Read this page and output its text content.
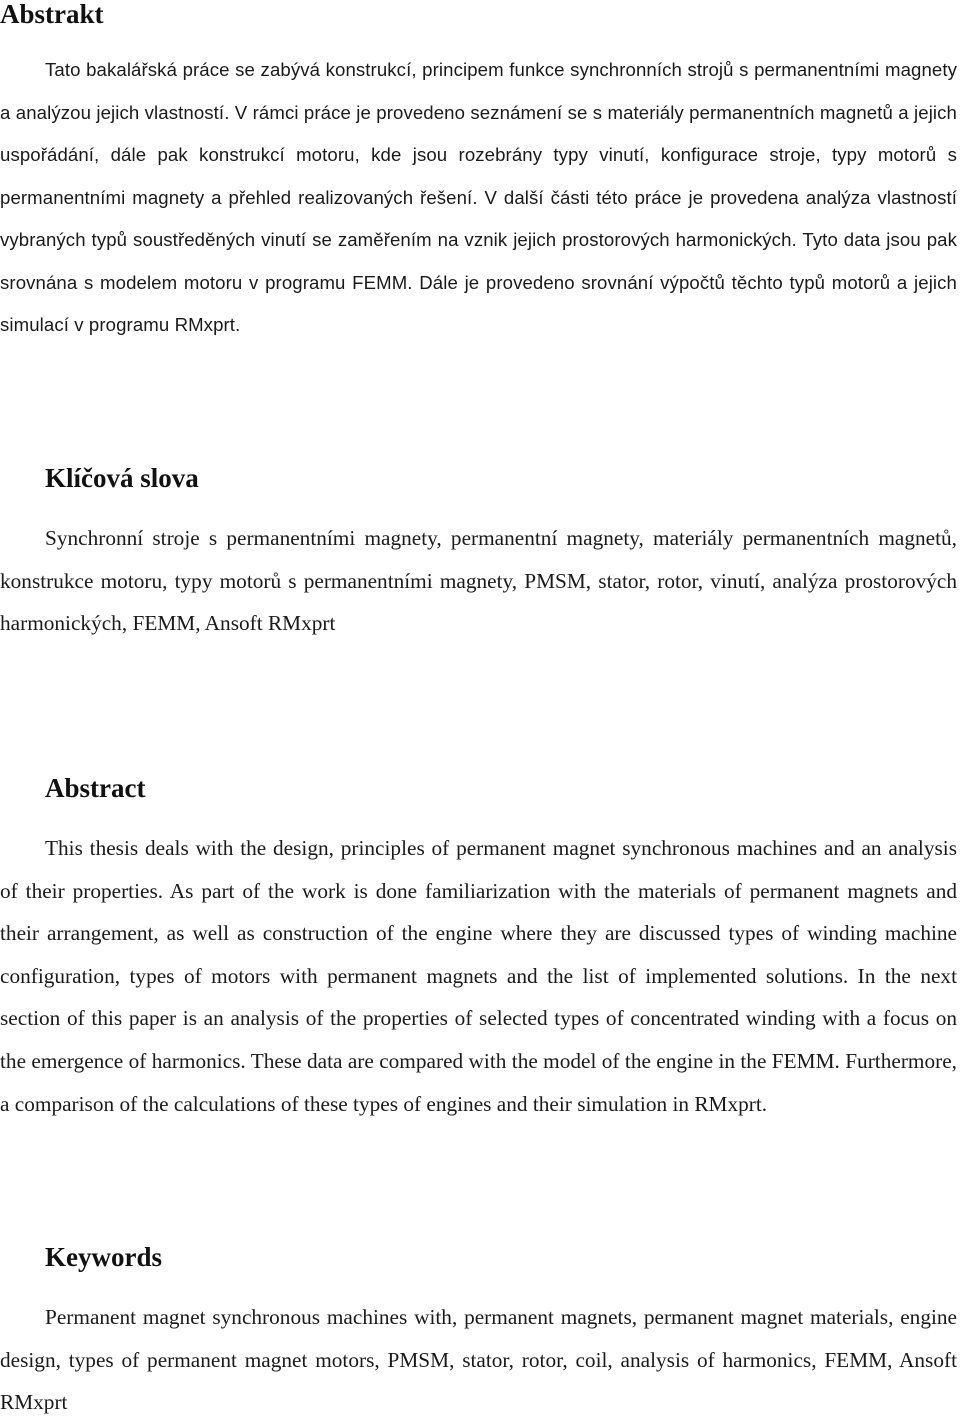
Abstrakt

Tato bakalářská práce se zabývá konstrukcí, principem funkce synchronních strojů s permanentními magnety a analýzou jejich vlastností. V rámci práce je provedeno seznámení se s materiály permanentních magnetů a jejich uspořádání, dále pak konstrukcí motoru, kde jsou rozebrány typy vinutí, konfigurace stroje, typy motorů s permanentními magnety a přehled realizovaných řešení. V další části této práce je provedena analýza vlastností vybraných typů soustředěných vinutí se zaměřením na vznik jejich prostorových harmonických. Tyto data jsou pak srovnána s modelem motoru v programu FEMM. Dále je provedeno srovnání výpočtů těchto typů motorů a jejich simulací v programu RMxprt.

Klíčová slova

Synchronní stroje s permanentními magnety, permanentní magnety, materiály permanentních magnetů, konstrukce motoru, typy motorů s permanentními magnety, PMSM, stator, rotor, vinutí, analýza prostorových harmonických, FEMM, Ansoft RMxprt

Abstract

This thesis deals with the design, principles of permanent magnet synchronous machines and an analysis of their properties. As part of the work is done familiarization with the materials of permanent magnets and their arrangement, as well as construction of the engine where they are discussed types of winding machine configuration, types of motors with permanent magnets and the list of implemented solutions. In the next section of this paper is an analysis of the properties of selected types of concentrated winding with a focus on the emergence of harmonics. These data are compared with the model of the engine in the FEMM. Furthermore, a comparison of the calculations of these types of engines and their simulation in RMxprt.

Keywords

Permanent magnet synchronous machines with, permanent magnets, permanent magnet materials, engine design, types of permanent magnet motors, PMSM, stator, rotor, coil, analysis of harmonics, FEMM, Ansoft RMxprt
